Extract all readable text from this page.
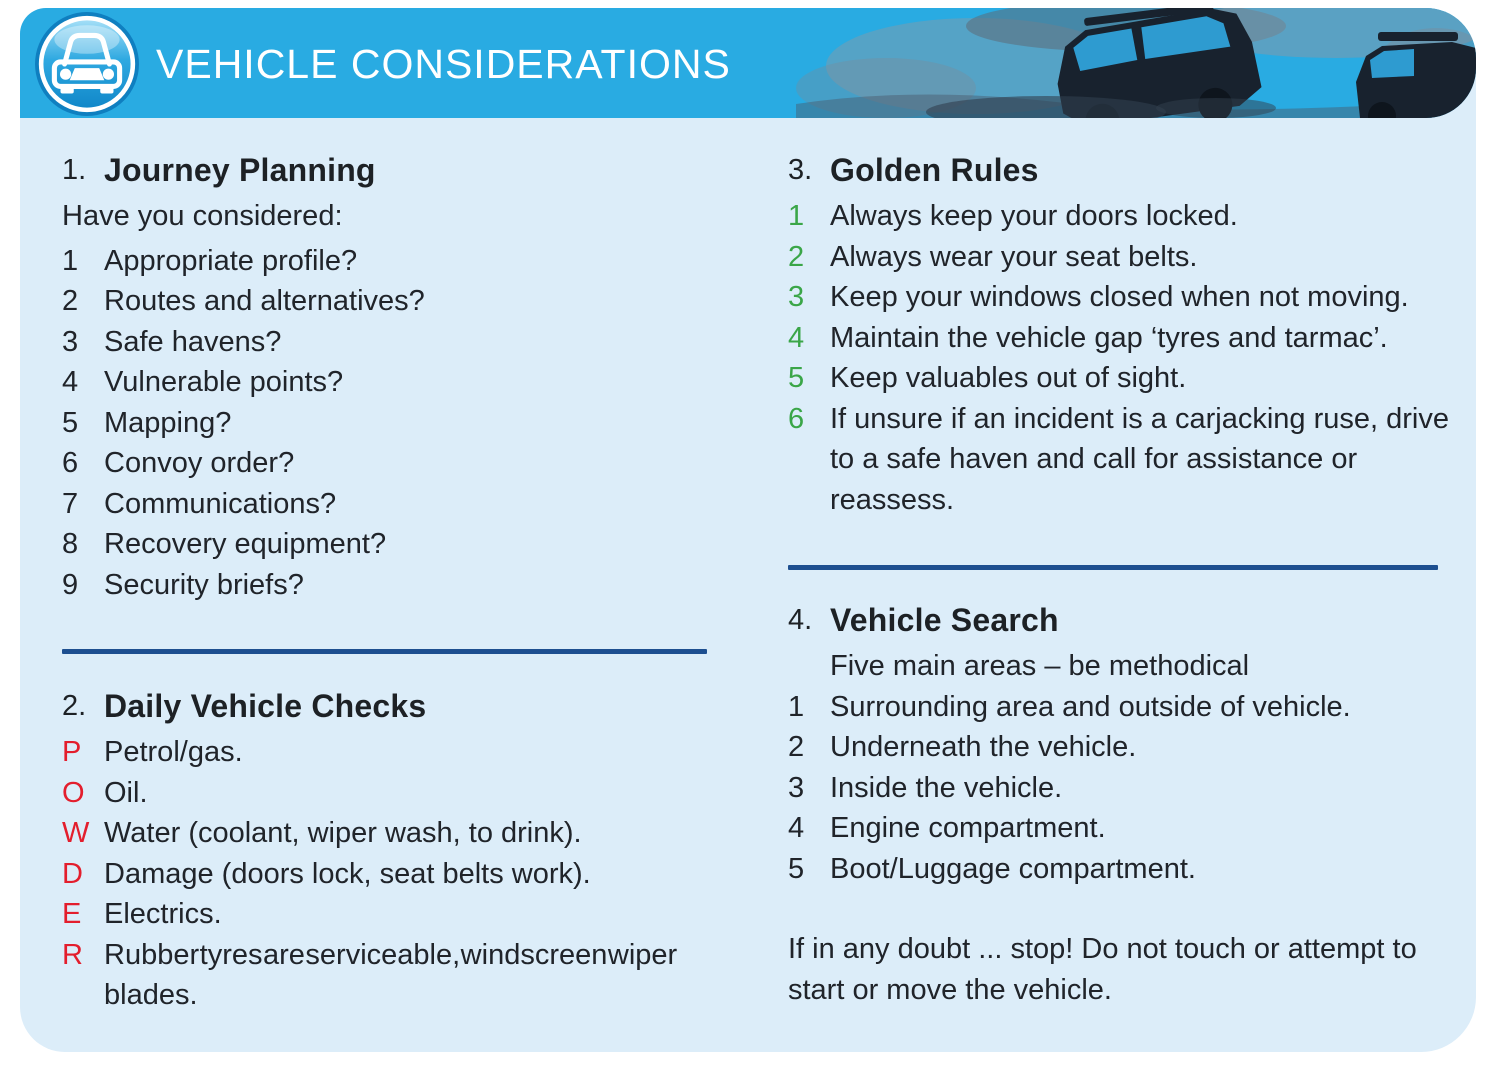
VEHICLE CONSIDERATIONS
1. Journey Planning

Have you considered:

1 Appropriate profile?
2 Routes and alternatives?
3 Safe havens?
4 Vulnerable points?
5 Mapping?
6 Convoy order?
7 Communications?
8 Recovery equipment?
9 Security briefs?
2. Daily Vehicle Checks
P Petrol/gas.
O Oil.
W Water (coolant, wiper wash, to drink).
D Damage (doors lock, seat belts work).
E Electrics.
R Rubber tyres are serviceable, windscreen wiper blades.
3. Golden Rules
1 Always keep your doors locked.
2 Always wear your seat belts.
3 Keep your windows closed when not moving.
4 Maintain the vehicle gap ‘tyres and tarmac’.
5 Keep valuables out of sight.
6 If unsure if an incident is a carjacking ruse, drive to a safe haven and call for assistance or reassess.
4. Vehicle Search

Five main areas – be methodical

1 Surrounding area and outside of vehicle.
2 Underneath the vehicle.
3 Inside the vehicle.
4 Engine compartment.
5 Boot/Luggage compartment.

If in any doubt ... stop! Do not touch or attempt to start or move the vehicle.
